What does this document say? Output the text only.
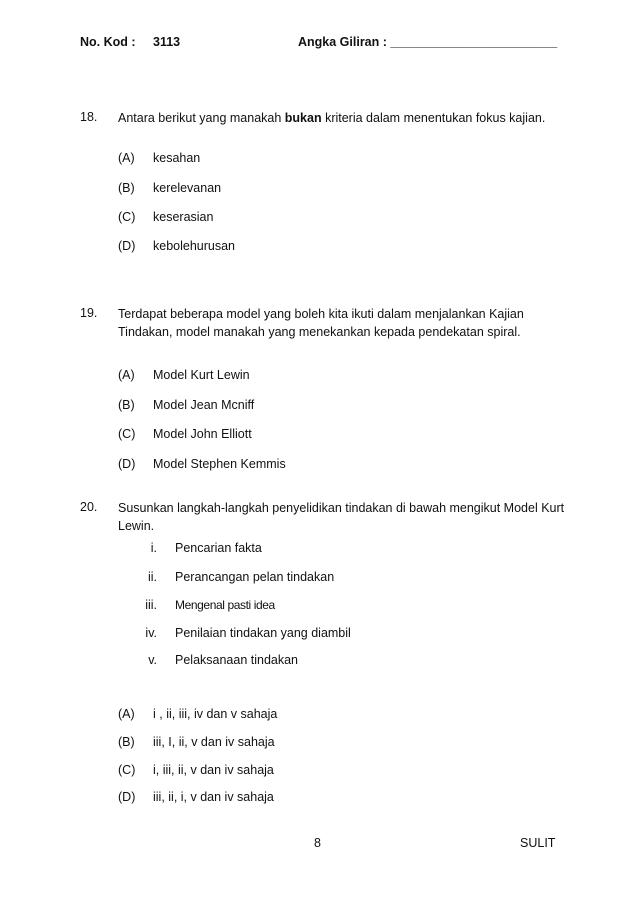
No. Kod : 3113	Angka Giliran : ________________________
18. Antara berikut yang manakah bukan kriteria dalam menentukan fokus kajian.
(A) kesahan
(B) kerelevanan
(C) keserasian
(D) kebolehurusan
19. Terdapat beberapa model yang boleh kita ikuti dalam menjalankan Kajian Tindakan, model manakah yang menekankan kepada pendekatan spiral.
(A) Model Kurt Lewin
(B) Model Jean Mcniff
(C) Model John Elliott
(D) Model Stephen Kemmis
20. Susunkan langkah-langkah penyelidikan tindakan di bawah mengikut Model Kurt Lewin.
i. Pencarian fakta
ii. Perancangan pelan tindakan
iii. Mengenal pasti idea
iv. Penilaian tindakan yang diambil
v. Pelaksanaan tindakan
(A) i , ii, iii, iv dan v sahaja
(B) iii, I, ii, v dan iv sahaja
(C) i, iii, ii, v dan iv sahaja
(D) iii, ii, i, v dan iv sahaja
8	SULIT
